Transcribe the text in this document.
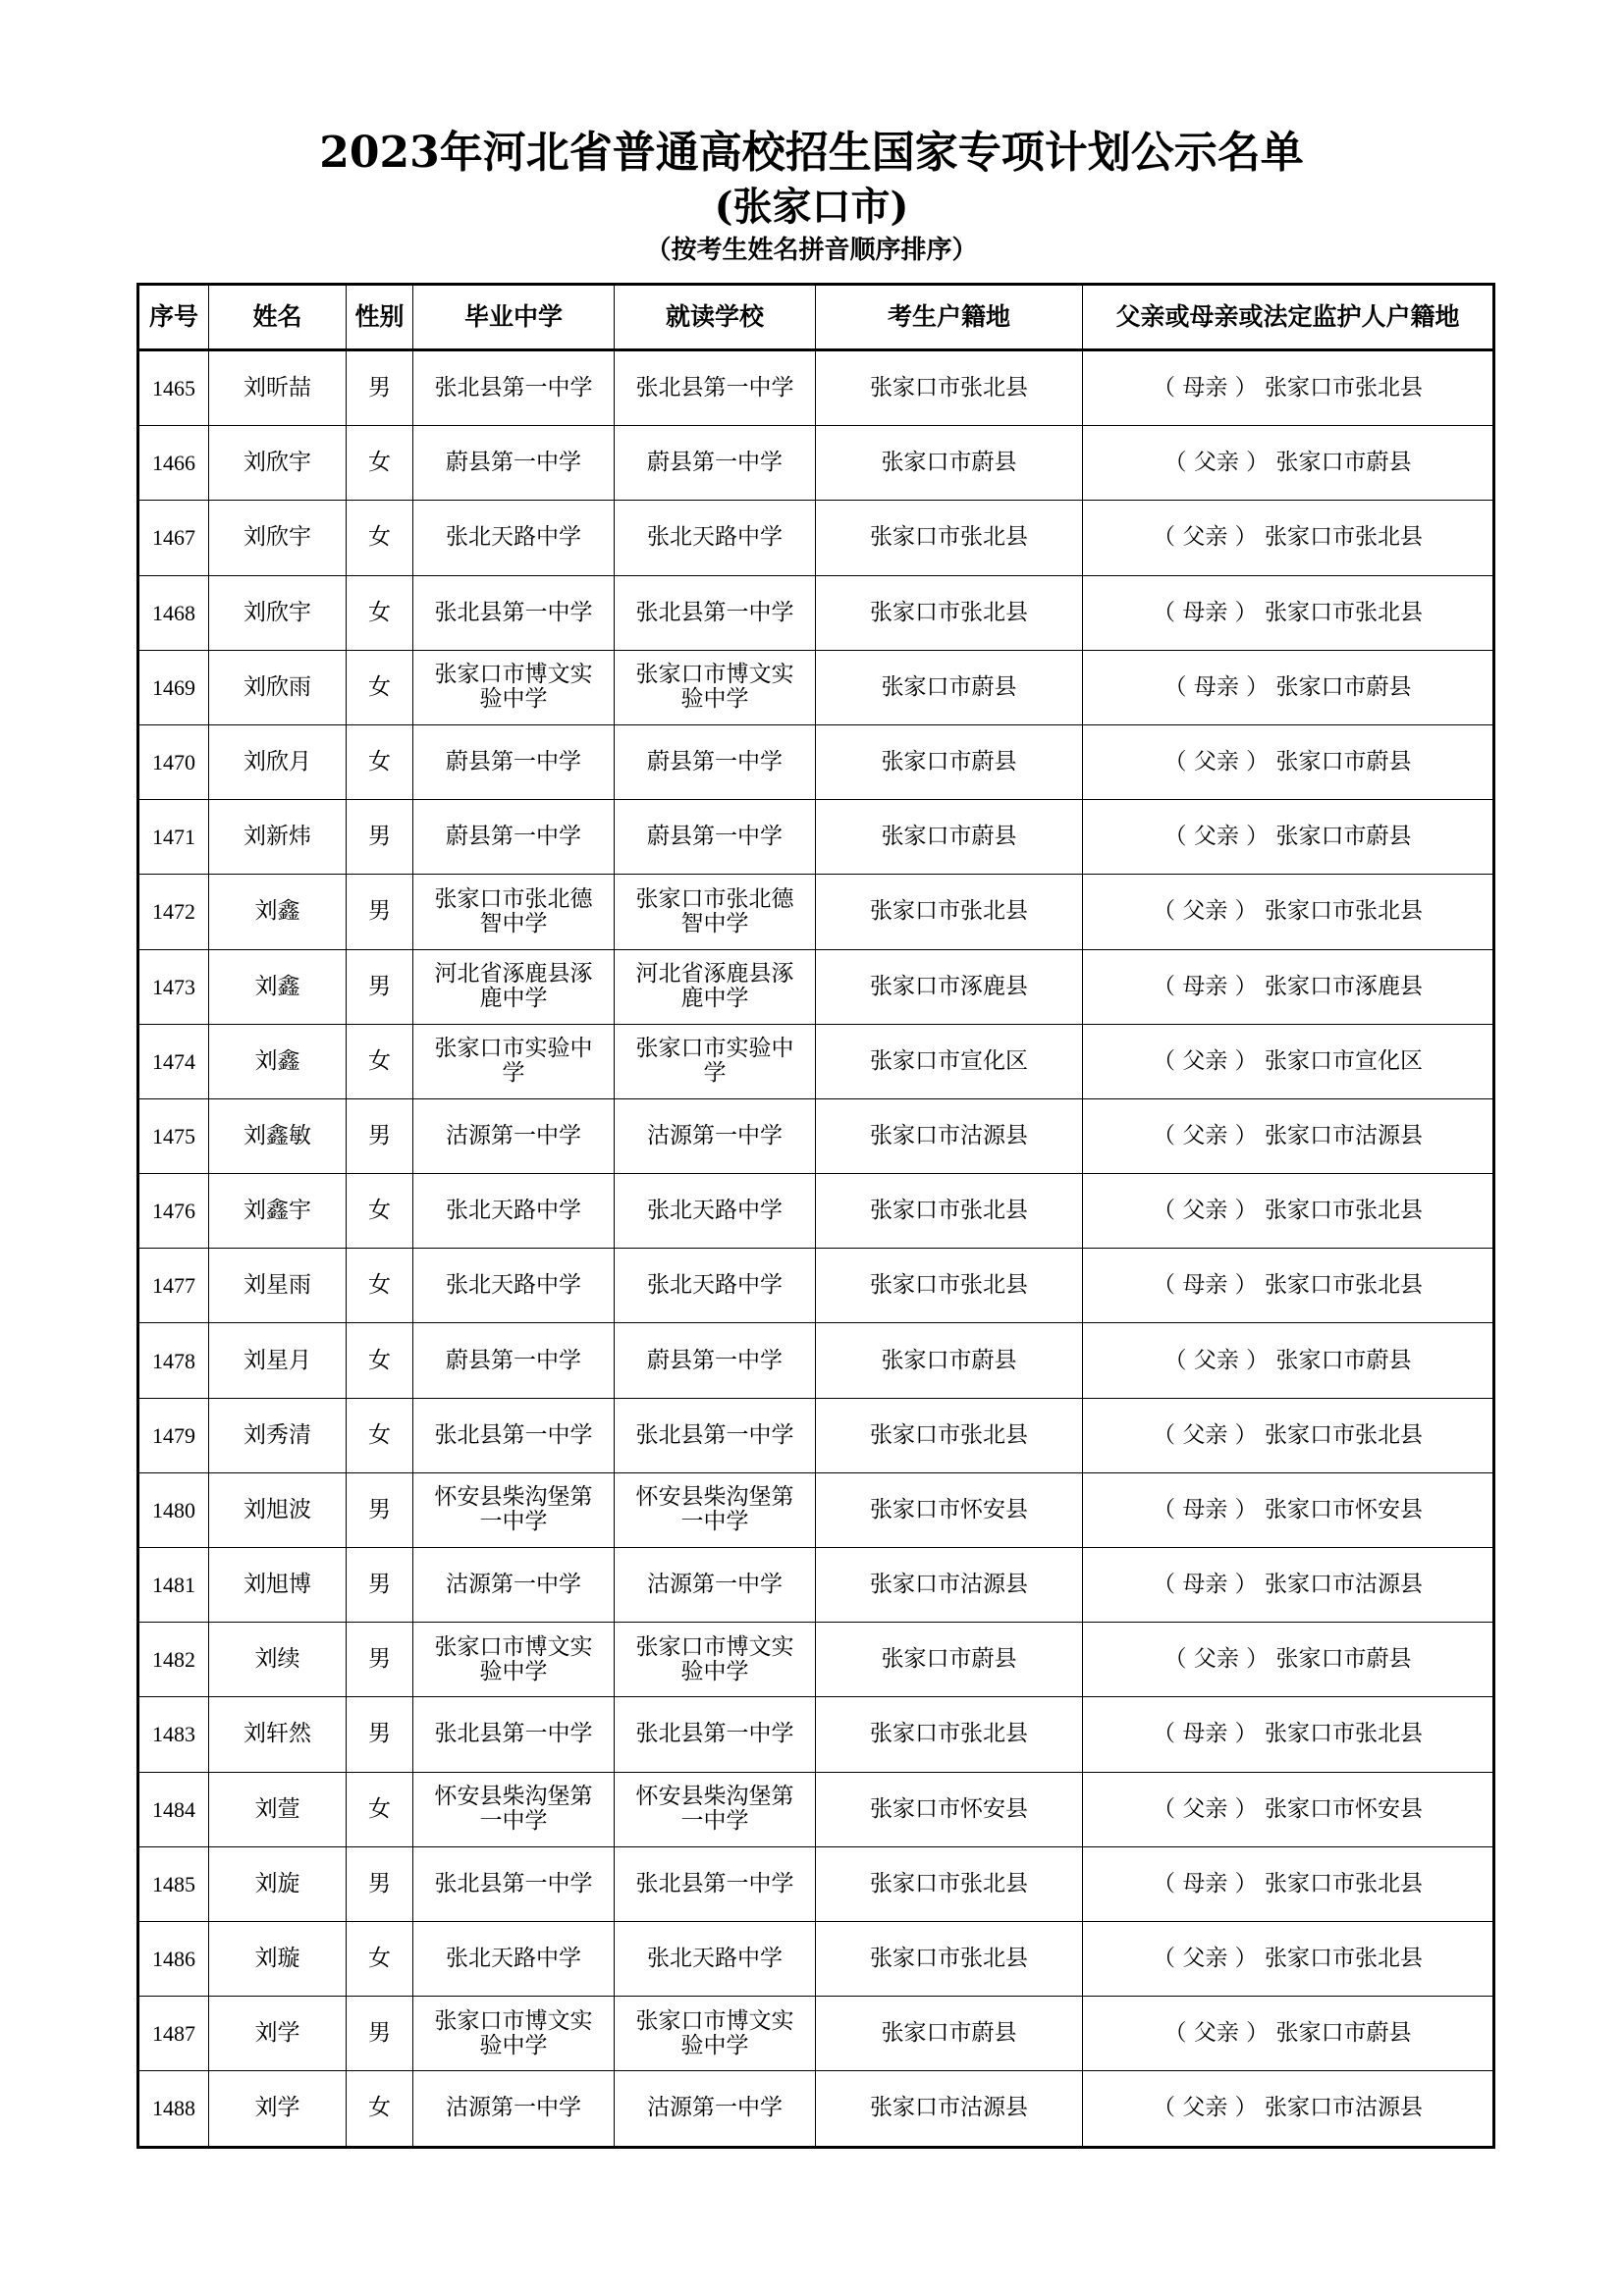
2023年河北省普通高校招生国家专项计划公示名单
(张家口市)
（按考生姓名拼音顺序排序）
序号	姓名	性别	毕业中学	就读学校	考生户籍地	父亲或母亲或法定监护人户籍地
1465	刘昕喆	男	张北县第一中学	张北县第一中学	张家口市张北县	（ 母亲 ） 张家口市张北县
1466	刘欣宇	女	蔚县第一中学	蔚县第一中学	张家口市蔚县	（ 父亲 ） 张家口市蔚县
1467	刘欣宇	女	张北天路中学	张北天路中学	张家口市张北县	（ 父亲 ） 张家口市张北县
1468	刘欣宇	女	张北县第一中学	张北县第一中学	张家口市张北县	（ 母亲 ） 张家口市张北县
1469	刘欣雨	女	张家口市博文实验中学	张家口市博文实验中学	张家口市蔚县	（ 母亲 ） 张家口市蔚县
1470	刘欣月	女	蔚县第一中学	蔚县第一中学	张家口市蔚县	（ 父亲 ） 张家口市蔚县
1471	刘新炜	男	蔚县第一中学	蔚县第一中学	张家口市蔚县	（ 父亲 ） 张家口市蔚县
1472	刘鑫	男	张家口市张北德智中学	张家口市张北德智中学	张家口市张北县	（ 父亲 ） 张家口市张北县
1473	刘鑫	男	河北省涿鹿县涿鹿中学	河北省涿鹿县涿鹿中学	张家口市涿鹿县	（ 母亲 ） 张家口市涿鹿县
1474	刘鑫	女	张家口市实验中学	张家口市实验中学	张家口市宣化区	（ 父亲 ） 张家口市宣化区
1475	刘鑫敏	男	沽源第一中学	沽源第一中学	张家口市沽源县	（ 父亲 ） 张家口市沽源县
1476	刘鑫宇	女	张北天路中学	张北天路中学	张家口市张北县	（ 父亲 ） 张家口市张北县
1477	刘星雨	女	张北天路中学	张北天路中学	张家口市张北县	（ 母亲 ） 张家口市张北县
1478	刘星月	女	蔚县第一中学	蔚县第一中学	张家口市蔚县	（ 父亲 ） 张家口市蔚县
1479	刘秀清	女	张北县第一中学	张北县第一中学	张家口市张北县	（ 父亲 ） 张家口市张北县
1480	刘旭波	男	怀安县柴沟堡第一中学	怀安县柴沟堡第一中学	张家口市怀安县	（ 母亲 ） 张家口市怀安县
1481	刘旭博	男	沽源第一中学	沽源第一中学	张家口市沽源县	（ 母亲 ） 张家口市沽源县
1482	刘续	男	张家口市博文实验中学	张家口市博文实验中学	张家口市蔚县	（ 父亲 ） 张家口市蔚县
1483	刘轩然	男	张北县第一中学	张北县第一中学	张家口市张北县	（ 母亲 ） 张家口市张北县
1484	刘萱	女	怀安县柴沟堡第一中学	怀安县柴沟堡第一中学	张家口市怀安县	（ 父亲 ） 张家口市怀安县
1485	刘旋	男	张北县第一中学	张北县第一中学	张家口市张北县	（ 母亲 ） 张家口市张北县
1486	刘璇	女	张北天路中学	张北天路中学	张家口市张北县	（ 父亲 ） 张家口市张北县
1487	刘学	男	张家口市博文实验中学	张家口市博文实验中学	张家口市蔚县	（ 父亲 ） 张家口市蔚县
1488	刘学	女	沽源第一中学	沽源第一中学	张家口市沽源县	（ 父亲 ） 张家口市沽源县
